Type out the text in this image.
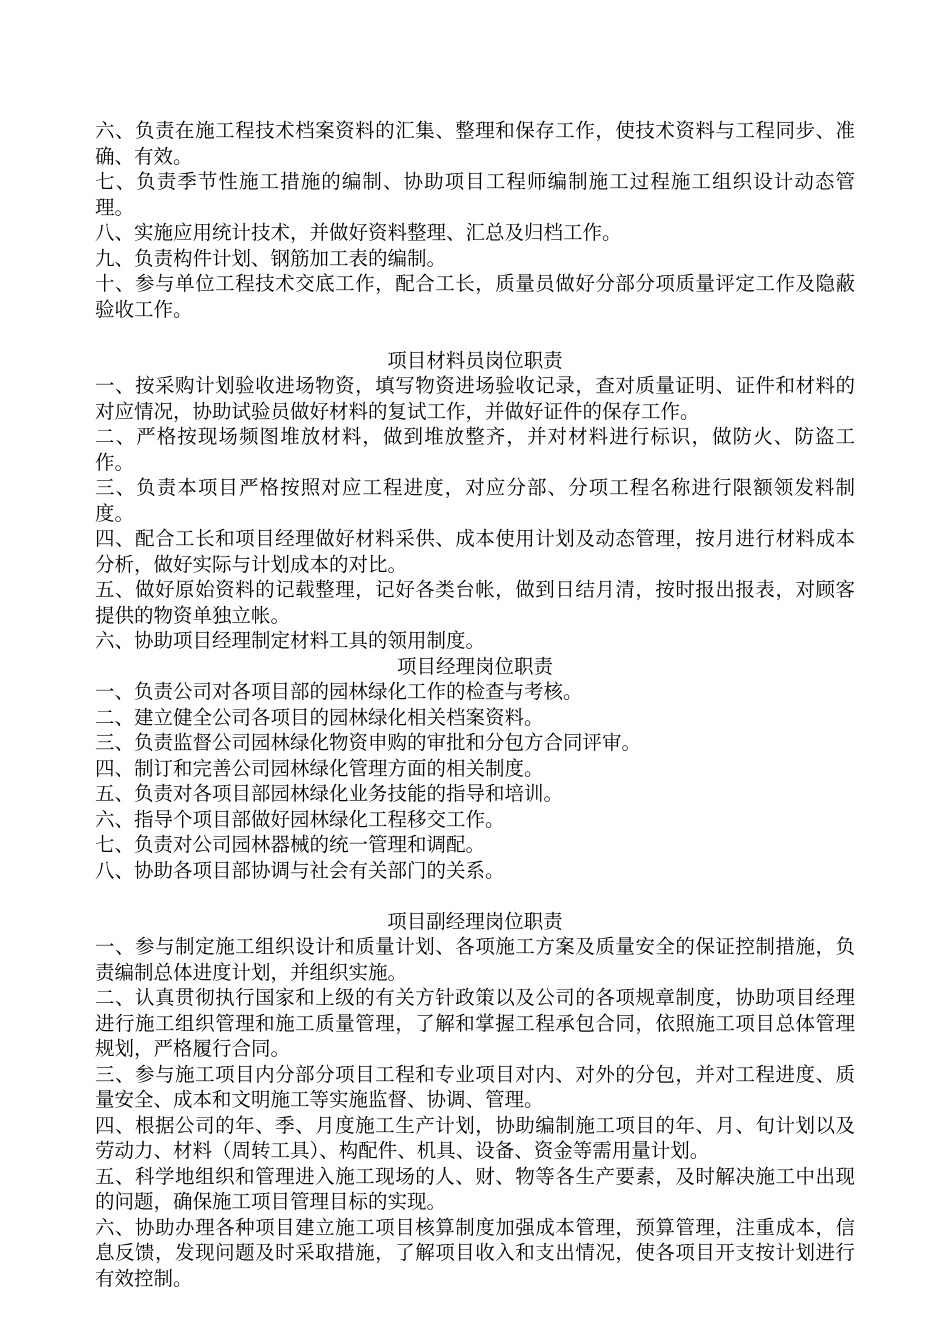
六、负责在施工程技术档案资料的汇集、整理和保存工作，使技术资料与工程同步、准确、有效。

七、负责季节性施工措施的编制、协助项目工程师编制施工过程施工组织设计动态管理。

八、实施应用统计技术，并做好资料整理、汇总及归档工作。

九、负责构件计划、钢筋加工表的编制。

十、参与单位工程技术交底工作，配合工长，质量员做好分部分项质量评定工作及隐蔽验收工作。

项目材料员岗位职责

一、按采购计划验收进场物资，填写物资进场验收记录，查对质量证明、证件和材料的对应情况，协助试验员做好材料的复试工作，并做好证件的保存工作。

二、严格按现场频图堆放材料，做到堆放整齐，并对材料进行标识，做防火、防盗工作。

三、负责本项目严格按照对应工程进度，对应分部、分项工程名称进行限额领发料制度。

四、配合工长和项目经理做好材料采供、成本使用计划及动态管理，按月进行材料成本分析，做好实际与计划成本的对比。

五、做好原始资料的记载整理，记好各类台帐，做到日结月清，按时报出报表，对顾客提供的物资单独立帐。

六、协助项目经理制定材料工具的领用制度。

项目经理岗位职责

一、负责公司对各项目部的园林绿化工作的检查与考核。

二、建立健全公司各项目的园林绿化相关档案资料。

三、负责监督公司园林绿化物资申购的审批和分包方合同评审。

四、制订和完善公司园林绿化管理方面的相关制度。

五、负责对各项目部园林绿化业务技能的指导和培训。

六、指导个项目部做好园林绿化工程移交工作。

七、负责对公司园林器械的统一管理和调配。

八、协助各项目部协调与社会有关部门的关系。

项目副经理岗位职责

一、参与制定施工组织设计和质量计划、各项施工方案及质量安全的保证控制措施，负责编制总体进度计划，并组织实施。

二、认真贯彻执行国家和上级的有关方针政策以及公司的各项规章制度，协助项目经理进行施工组织管理和施工质量管理，了解和掌握工程承包合同，依照施工项目总体管理规划，严格履行合同。

三、参与施工项目内分部分项目工程和专业项目对内、对外的分包，并对工程进度、质量安全、成本和文明施工等实施监督、协调、管理。

四、根据公司的年、季、月度施工生产计划，协助编制施工项目的年、月、旬计划以及劳动力、材料（周转工具）、构配件、机具、设备、资金等需用量计划。

五、科学地组织和管理进入施工现场的人、财、物等各生产要素，及时解决施工中出现的问题，确保施工项目管理目标的实现。

六、协助办理各种项目建立施工项目核算制度加强成本管理，预算管理，注重成本，信息反馈，发现问题及时采取措施，了解项目收入和支出情况，使各项目开支按计划进行有效控制。
